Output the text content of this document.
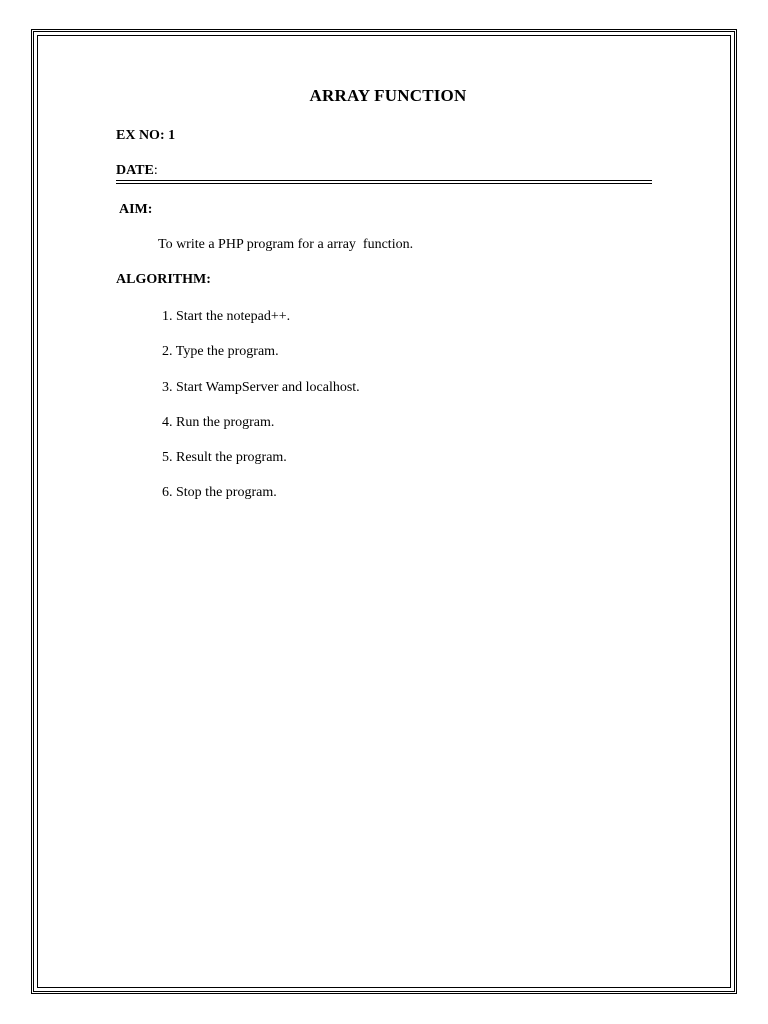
ARRAY FUNCTION
EX NO: 1
DATE:
AIM:
To write a PHP program for a array  function.
ALGORITHM:
1. Start the notepad++.
2. Type the program.
3. Start WampServer and localhost.
4. Run the program.
5. Result the program.
6. Stop the program.
